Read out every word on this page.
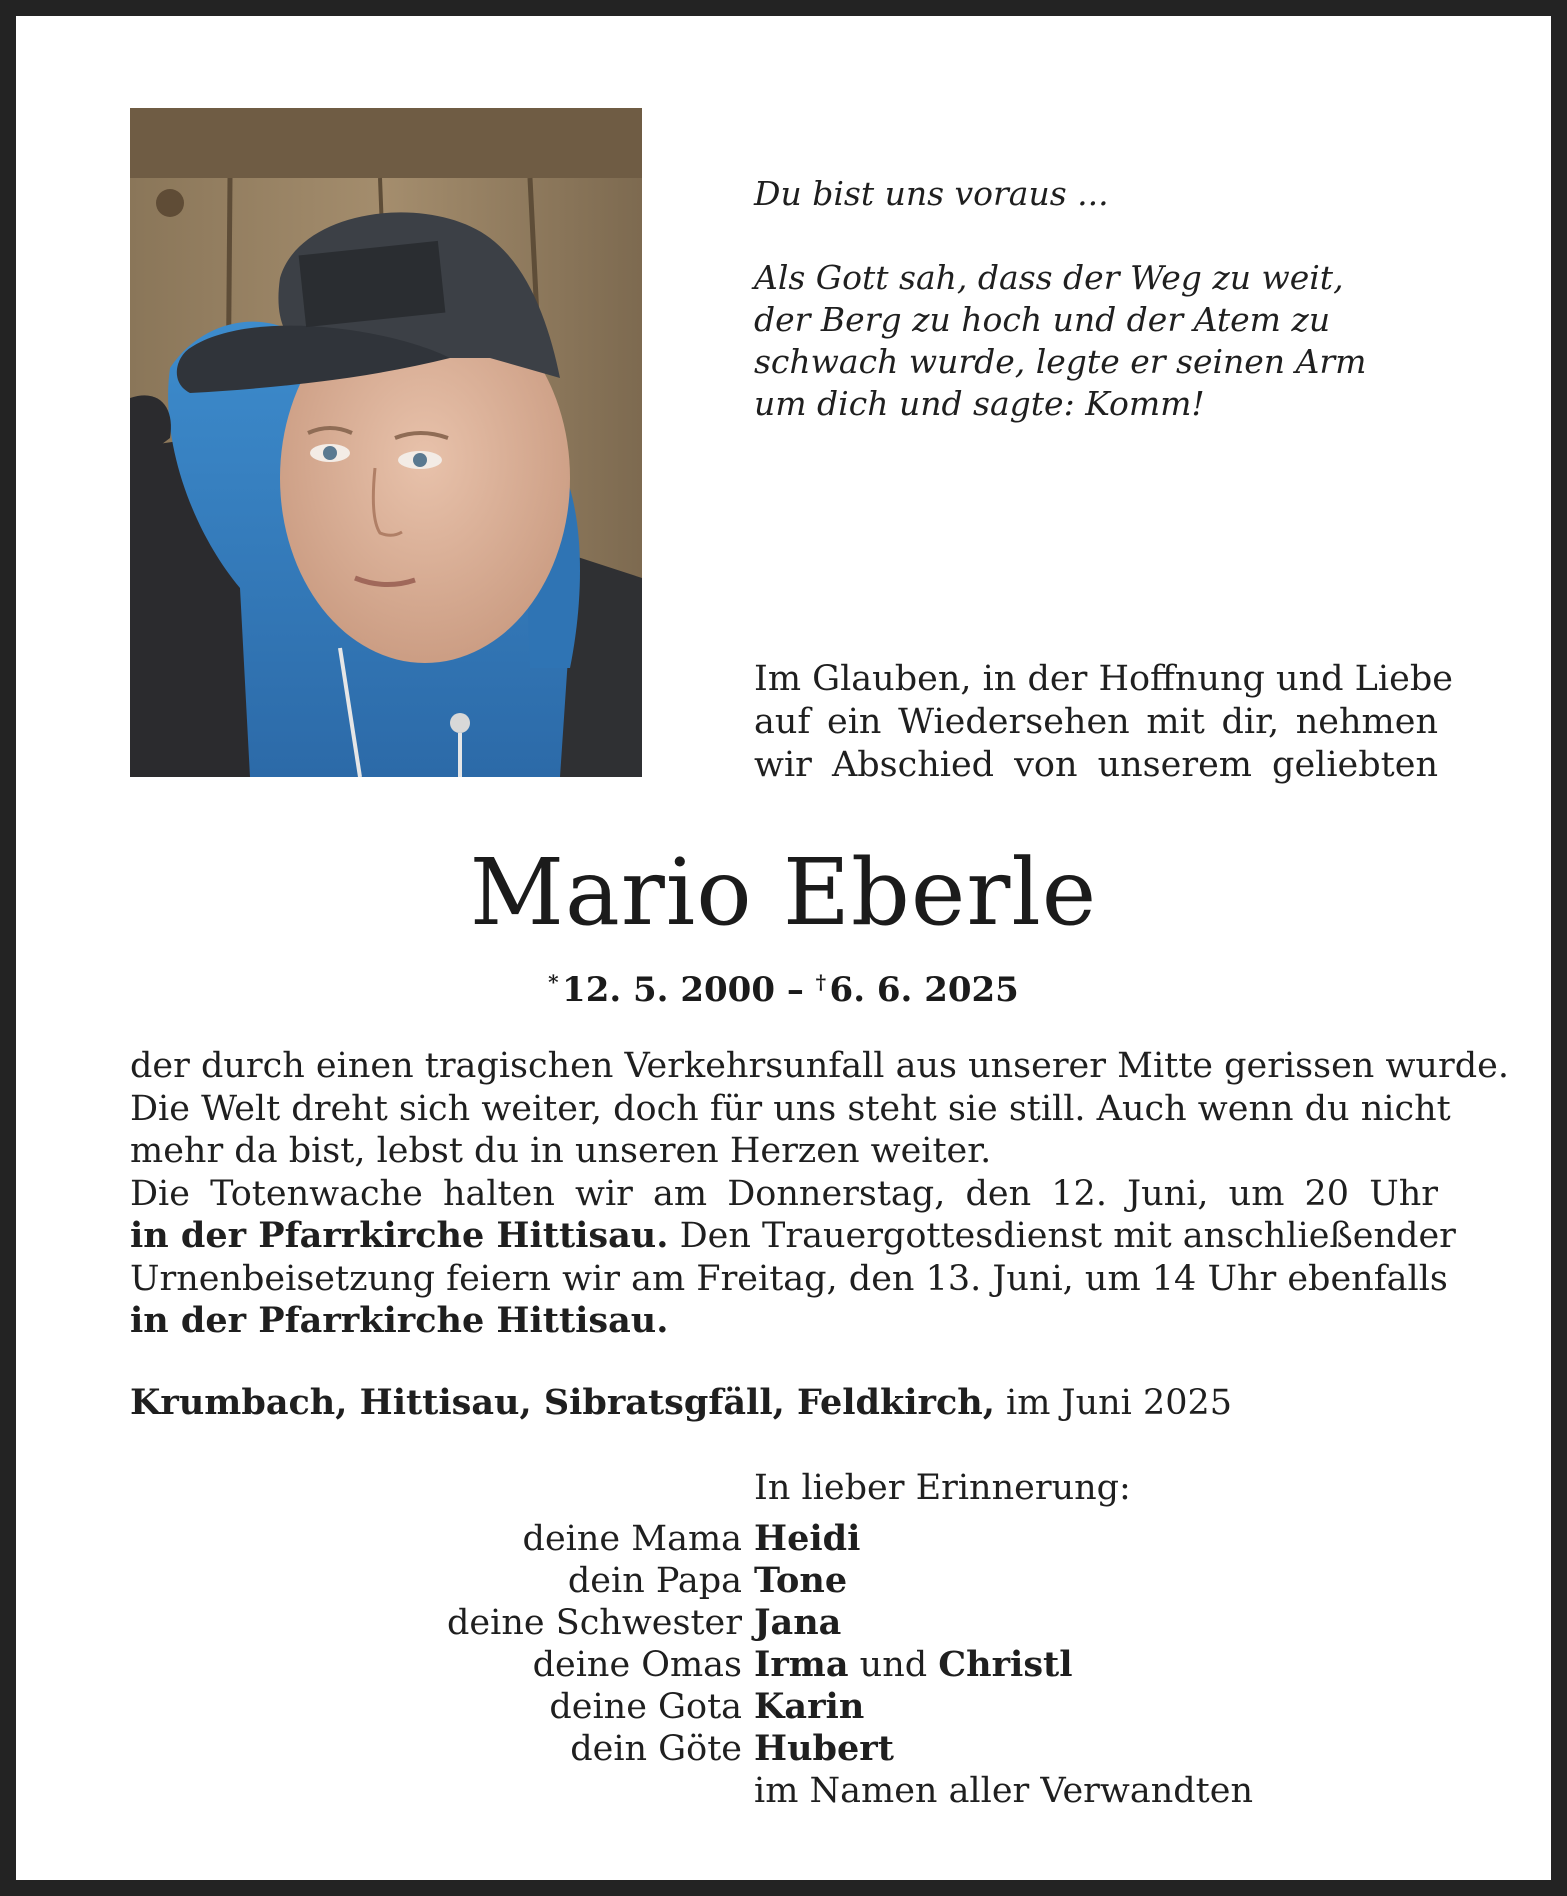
Du bist uns voraus ...
Als Gott sah, dass der Weg zu weit,
der Berg zu hoch und der Atem zu
schwach wurde, legte er seinen Arm
um dich und sagte: Komm!
Im Glauben, in der Hoffnung und Liebe
auf ein Wiedersehen mit dir, nehmen
wir Abschied von unserem geliebten
Mario Eberle
* 12. 5. 2000 – † 6. 6. 2025
der durch einen tragischen Verkehrsunfall aus unserer Mitte gerissen wurde.
Die Welt dreht sich weiter, doch für uns steht sie still. Auch wenn du nicht
mehr da bist, lebst du in unseren Herzen weiter.
Die Totenwache halten wir am Donnerstag, den 12. Juni, um 20 Uhr
in der Pfarrkirche Hittisau. Den Trauergottesdienst mit anschließender
Urnenbeisetzung feiern wir am Freitag, den 13. Juni, um 14 Uhr ebenfalls
in der Pfarrkirche Hittisau.
Krumbach, Hittisau, Sibratsgfäll, Feldkirch, im Juni 2025
In lieber Erinnerung:
deine Mama Heidi
dein Papa Tone
deine Schwester Jana
deine Omas Irma und Christl
deine Gota Karin
dein Göte Hubert
im Namen aller Verwandten
